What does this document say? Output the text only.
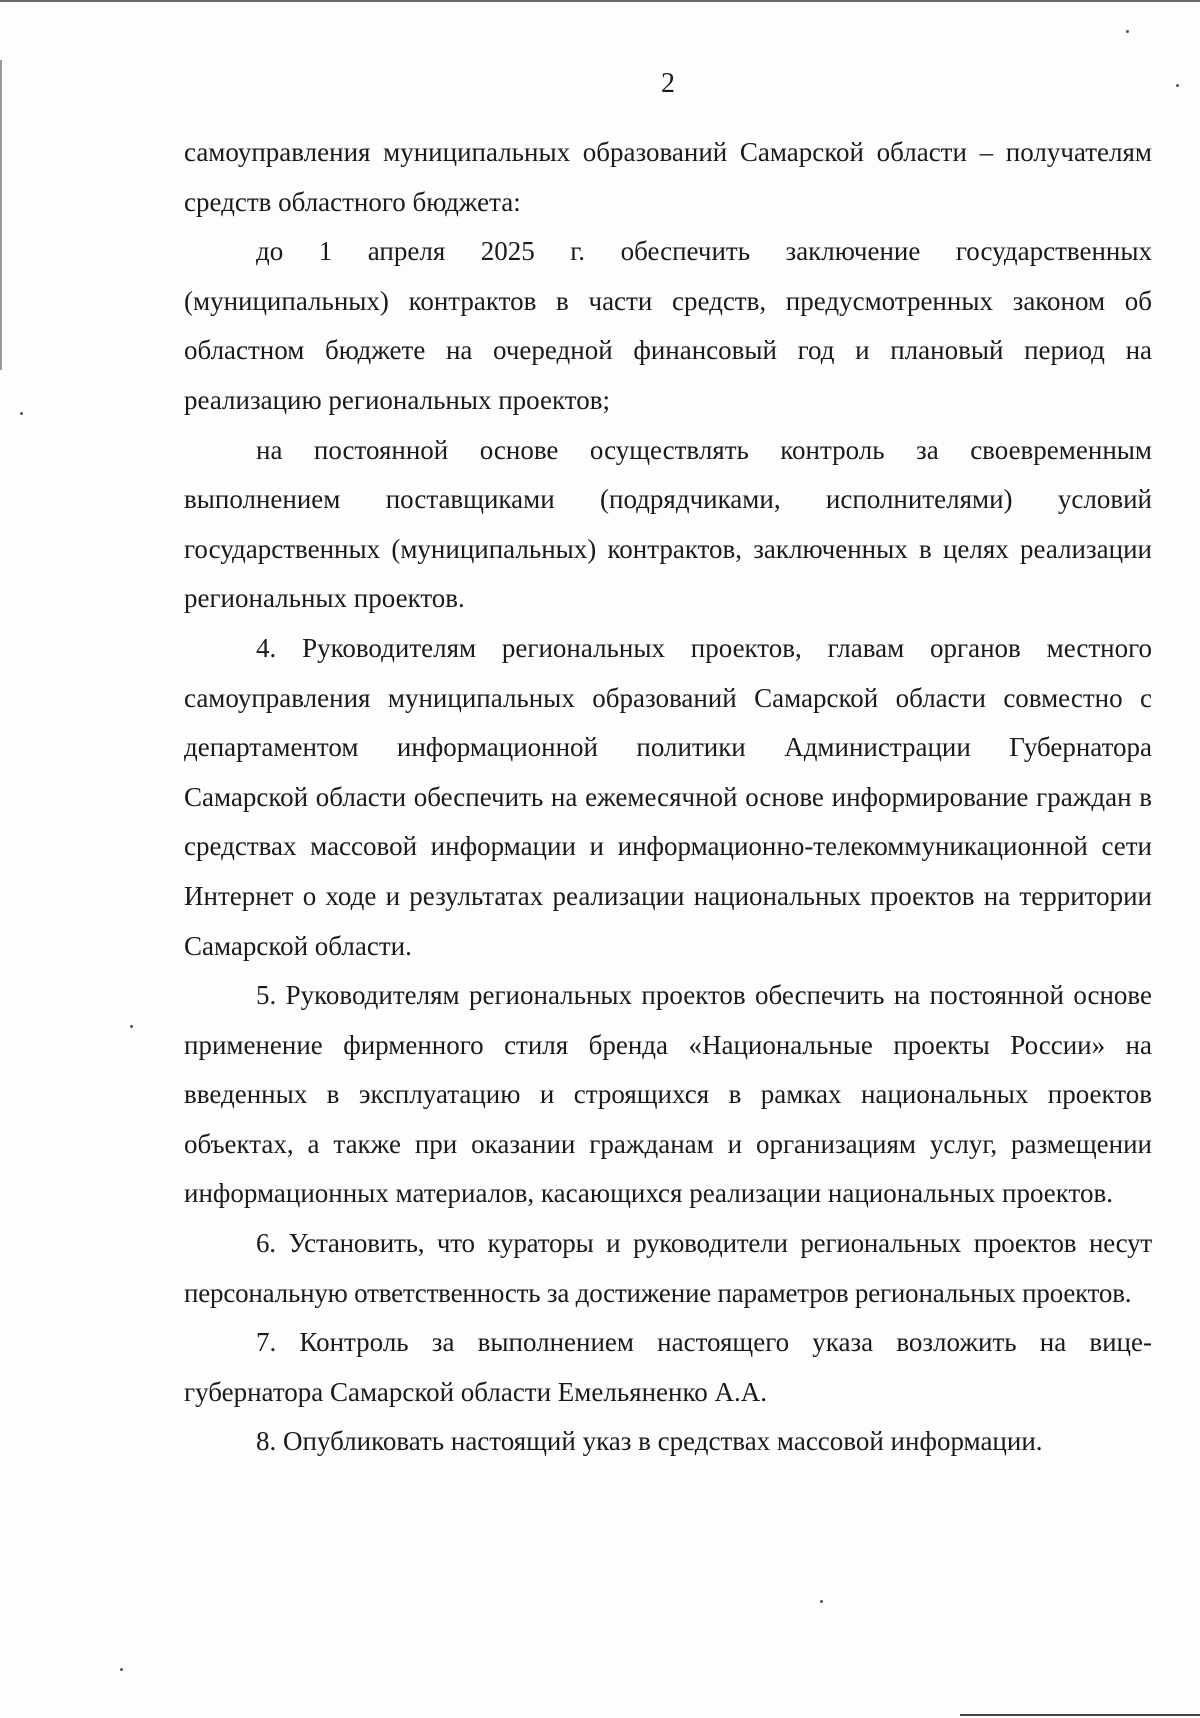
2

самоуправления муниципальных образований Самарской области – получателям средств областного бюджета:

до 1 апреля 2025 г. обеспечить заключение государственных (муниципальных) контрактов в части средств, предусмотренных законом об областном бюджете на очередной финансовый год и плановый период на реализацию региональных проектов;

на постоянной основе осуществлять контроль за своевременным выполнением поставщиками (подрядчиками, исполнителями) условий государственных (муниципальных) контрактов, заключенных в целях реализации региональных проектов.

4. Руководителям региональных проектов, главам органов местного самоуправления муниципальных образований Самарской области совместно с департаментом информационной политики Администрации Губернатора Самарской области обеспечить на ежемесячной основе информирование граждан в средствах массовой информации и информационно-телекоммуникационной сети Интернет о ходе и результатах реализации национальных проектов на территории Самарской области.

5. Руководителям региональных проектов обеспечить на постоянной основе применение фирменного стиля бренда «Национальные проекты России» на введенных в эксплуатацию и строящихся в рамках национальных проектов объектах, а также при оказании гражданам и организациям услуг, размещении информационных материалов, касающихся реализации национальных проектов.

6. Установить, что кураторы и руководители региональных проектов несут персональную ответственность за достижение параметров региональных проектов.

7. Контроль за выполнением настоящего указа возложить на вице-губернатора Самарской области Емельяненко А.А.

8. Опубликовать настоящий указ в средствах массовой информации.
